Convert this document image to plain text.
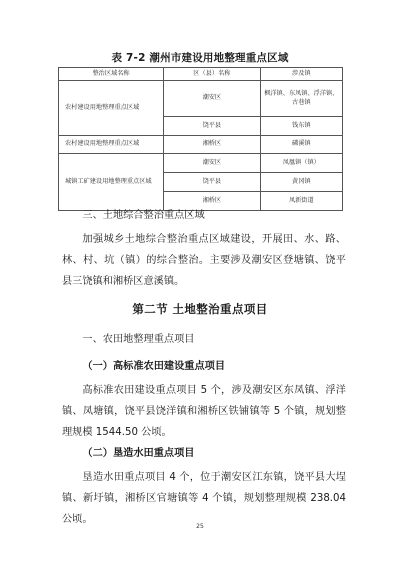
表 7-2 潮州市建设用地整理重点区域
整治区域名称	区（县）名称	涉及镇
农村建设用地整理重点区域	潮安区	枫洋镇、东凤镇、浮洋镇、古巷镇
	饶平县	钱东镇
农村建设用地整理重点区域	湘桥区	磷溪镇
城镇工矿建设用地整理重点区域	潮安区	凤凰镇（镇）
	饶平县	黄冈镇
	湘桥区	凤新街道
三、土地综合整治重点区域

加强城乡土地综合整治重点区域建设，开展田、水、路、林、村、坑（镇）的综合整治。主要涉及潮安区登塘镇、饶平县三饶镇和湘桥区意溪镇。

第二节 土地整治重点项目
一、农田地整理重点项目
（一）高标准农田建设重点项目

高标准农田建设重点项目 5 个，涉及潮安区东凤镇、浮洋镇、凤塘镇，饶平县饶洋镇和湘桥区铁铺镇等 5 个镇，规划整理规模 1544.50 公顷。

（二）垦造水田重点项目

垦造水田重点项目 4 个，位于潮安区江东镇，饶平县大埕镇、新圩镇，湘桥区官塘镇等 4 个镇，规划整理规模 238.04 公顷。

25
